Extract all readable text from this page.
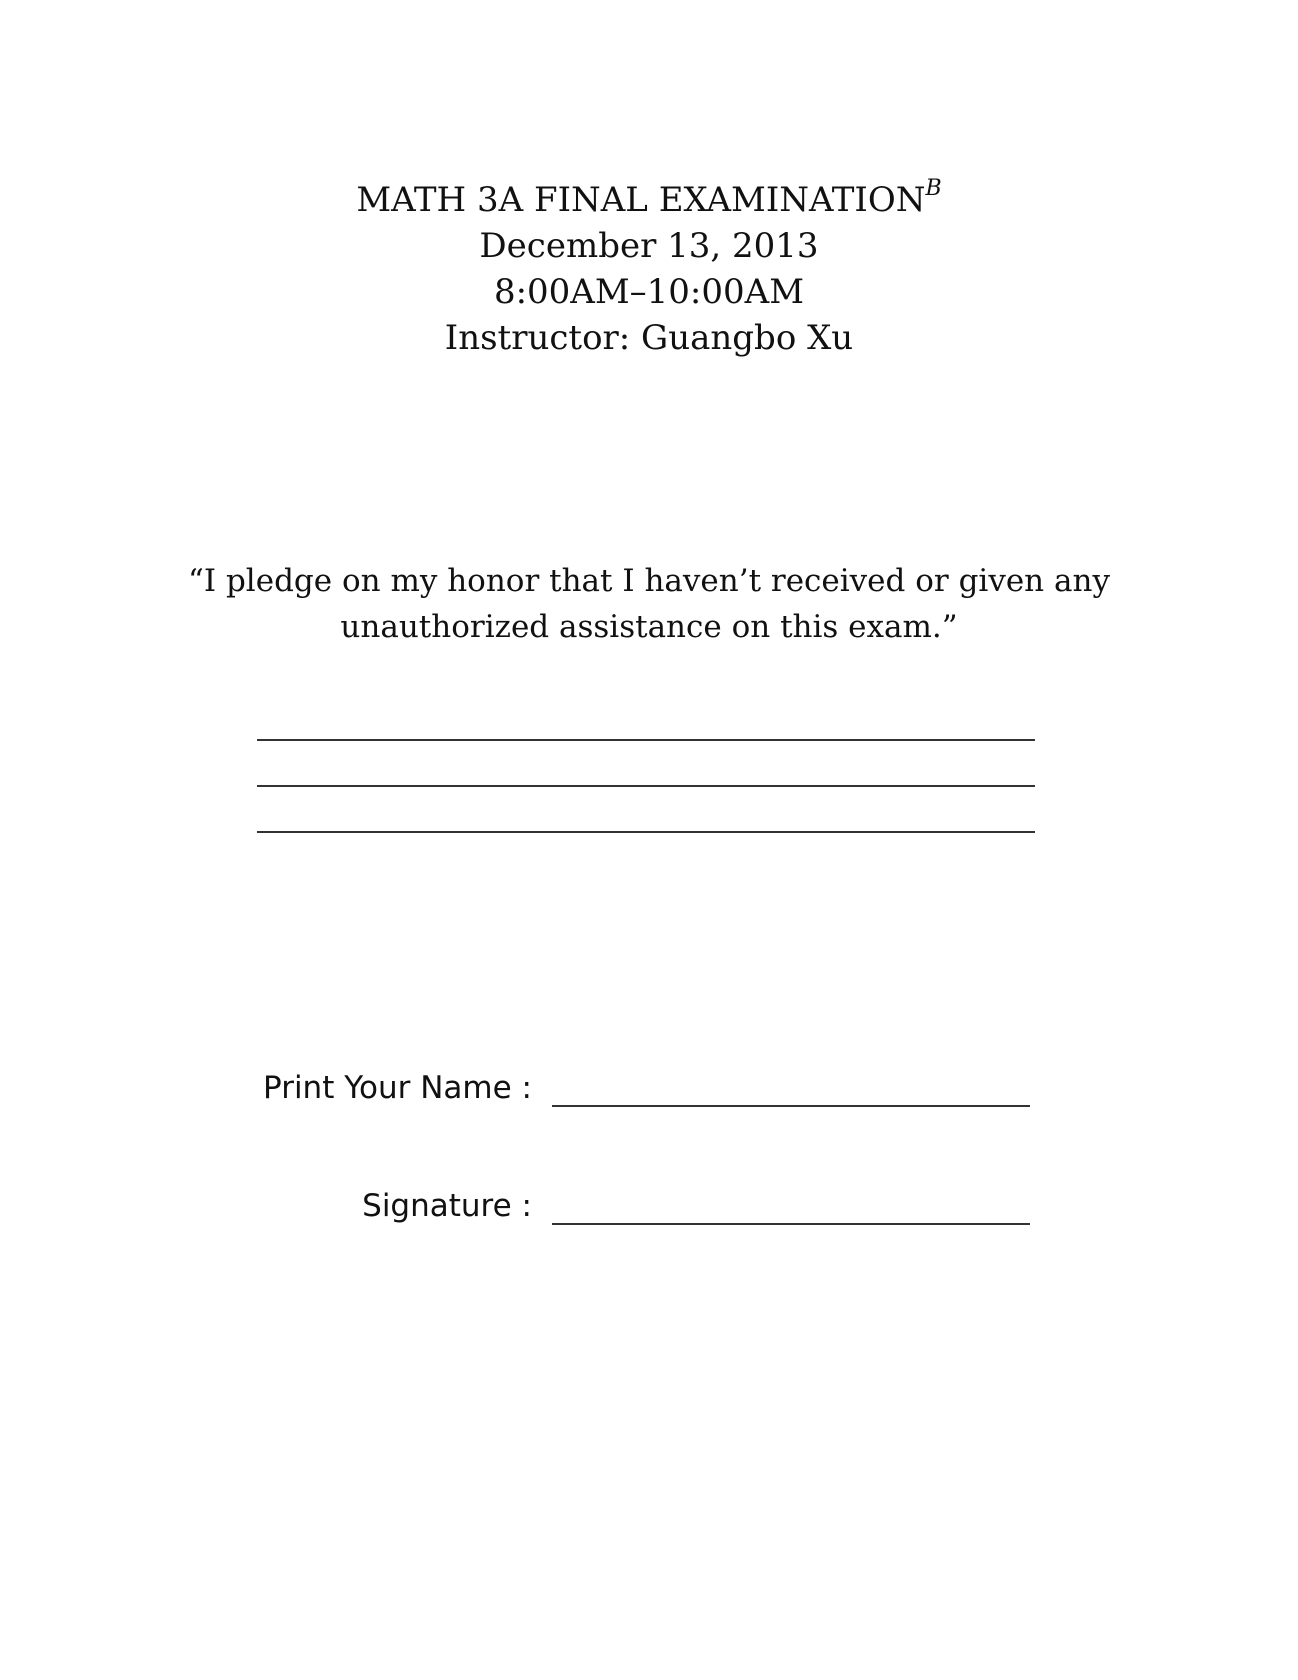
MATH 3A FINAL $EXAMINATION^B$
December 13, 2013
8:00AM–10:00AM
Instructor: Guangbo Xu
“I pledge on my honor that I haven’t received or given any
unauthorized assistance on this exam.”
Print Your Name :
Signature :
